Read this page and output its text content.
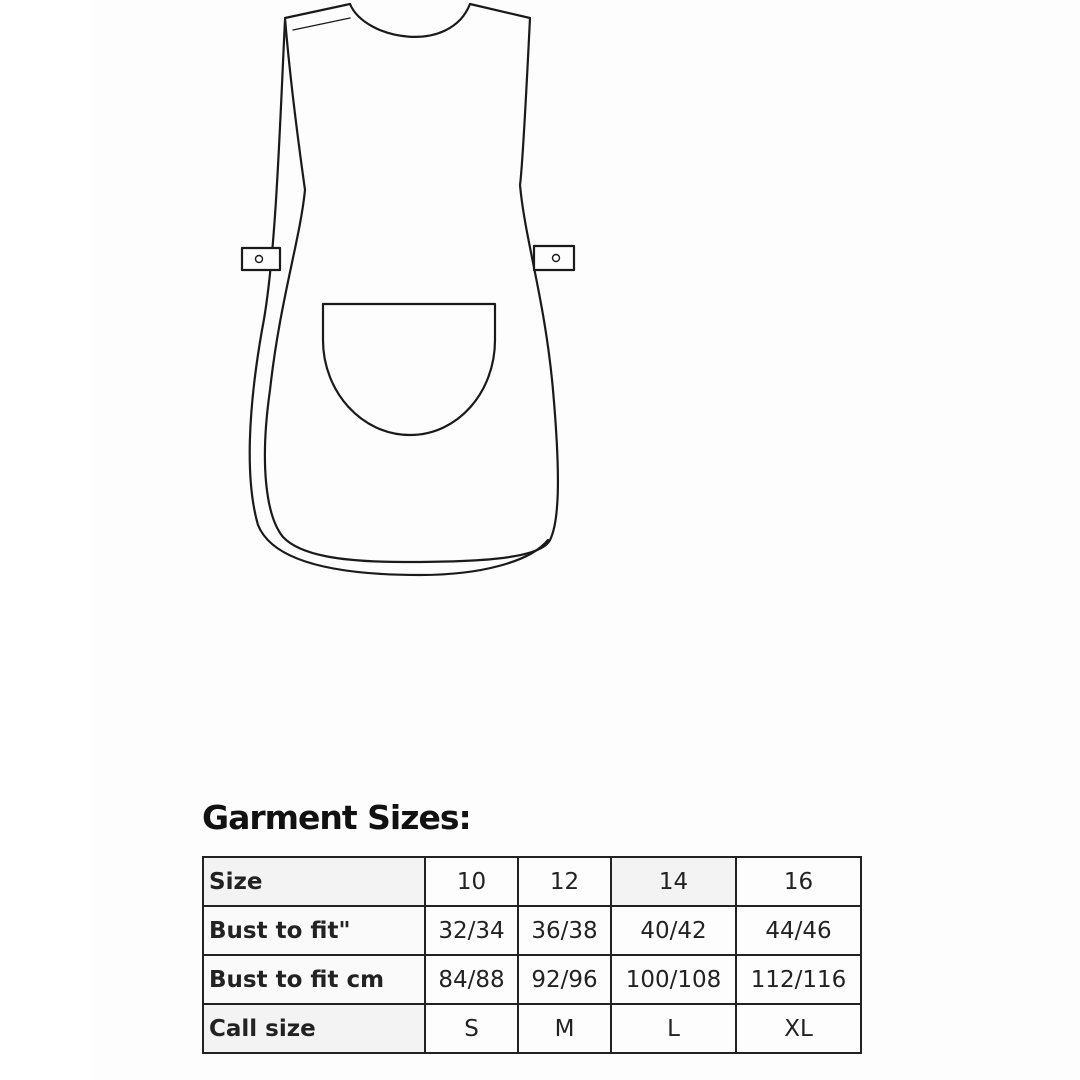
Garment Sizes:
Size	10	12	14	16
Bust to fit"	32/34	36/38	40/42	44/46
Bust to fit cm	84/88	92/96	100/108	112/116
Call size	S	M	L	XL
